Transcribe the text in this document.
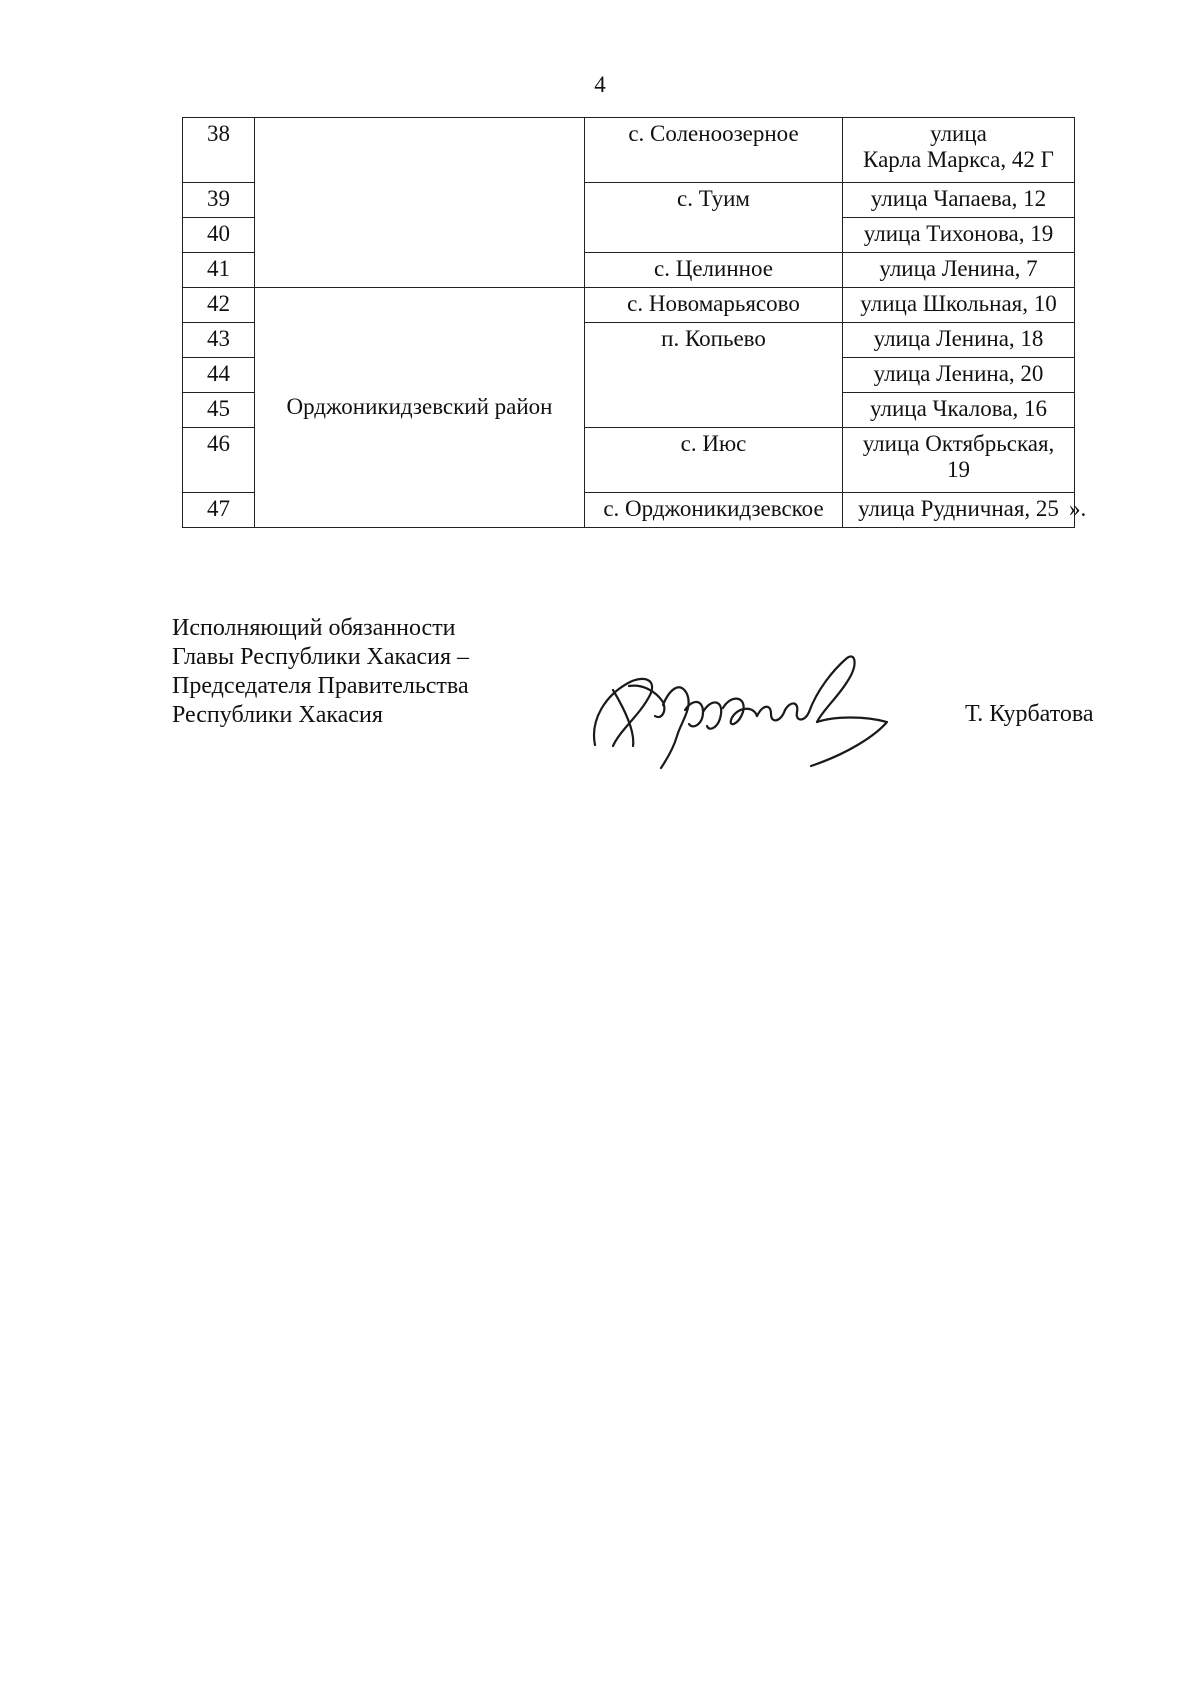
4
38		с. Соленоозерное	улица
Карла Маркса, 42 Г
39		с. Туим	улица Чапаева, 12
40			улица Тихонова, 19
41		с. Целинное	улица Ленина, 7
42	Орджоникидзевский район	с. Новомарьясово	улица Школьная, 10
43		п. Копьево	улица Ленина, 18
44			улица Ленина, 20
45			улица Чкалова, 16
46		с. Июс	улица Октябрьская,
19
47		с. Орджоникидзевское	улица Рудничная, 25 ».
Исполняющий обязанности
Главы Республики Хакасия –
Председателя Правительства
Республики Хакасия	Т. Курбатова
